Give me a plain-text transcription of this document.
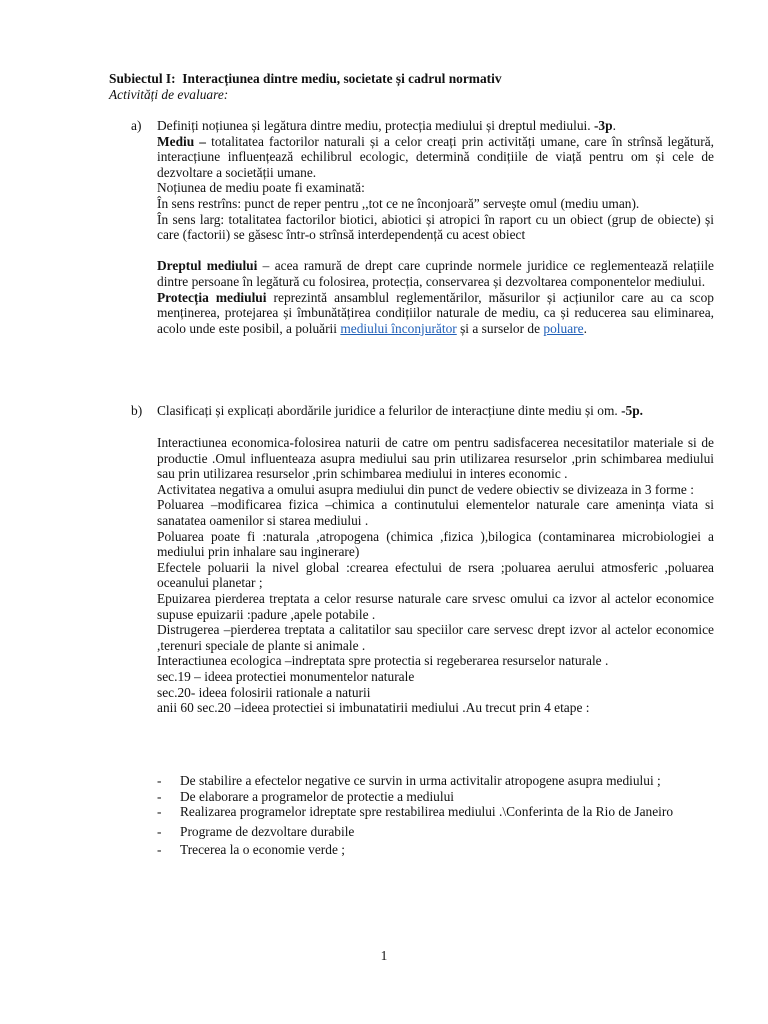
Subiectul I: Interacțiunea dintre mediu, societate și cadrul normativ
Activități de evaluare:
a) Definiți noțiunea și legătura dintre mediu, protecția mediului și dreptul mediului. -3p.

Mediu – totalitatea factorilor naturali și a celor creați prin activități umane, care în strînsă legătură, interacțiune influențează echilibrul ecologic, determină condițiile de viață pentru om și cele de dezvoltare a societății umane.

Noțiunea de mediu poate fi examinată:

În sens restrîns: punct de reper pentru ,,tot ce ne înconjoară” servește omul (mediu uman).

În sens larg: totalitatea factorilor biotici, abiotici și atropici în raport cu un obiect (grup de obiecte) și care (factorii) se găsesc într-o strînsă interdependență cu acest obiect

Dreptul mediului – acea ramură de drept care cuprinde normele juridice ce reglementează relațiile dintre persoane în legătură cu folosirea, protecția, conservarea și dezvoltarea componentelor mediului.

Protecția mediului reprezintă ansamblul reglementărilor, măsurilor și acțiunilor care au ca scop menținerea, protejarea și îmbunătățirea condițiilor naturale de mediu, ca și reducerea sau eliminarea, acolo unde este posibil, a poluării mediului înconjurător și a surselor de poluare.

b) Clasificați și explicați abordările juridice a felurilor de interacțiune dinte mediu și om. -5p.

Interactiunea economica-folosirea naturii de catre om pentru sadisfacerea necesitatilor materiale si de productie .Omul influenteaza asupra mediului sau prin utilizarea resurselor ,prin schimbarea mediului sau prin utilizarea resurselor ,prin schimbarea mediului in interes economic .

Activitatea negativa a omului asupra mediului din punct de vedere obiectiv se divizeaza in 3 forme :

Poluarea –modificarea fizica –chimica a continutului elementelor naturale care amenința viata si sanatatea oamenilor si starea mediului .

Poluarea poate fi :naturala ,atropogena (chimica ,fizica ),bilogica (contaminarea microbiologiei a mediului prin inhalare sau inginerare)

Efectele poluarii la nivel global :crearea efectului de rsera ;poluarea aerului atmosferic ,poluarea oceanului planetar ;

Epuizarea pierderea treptata a celor resurse naturale care srvesc omului ca izvor al actelor economice supuse epuizarii :padure ,apele potabile .

Distrugerea –pierderea treptata a calitatilor sau speciilor care servesc drept izvor al actelor economice ,terenuri speciale de plante si animale .

Interactiunea ecologica –indreptata spre protectia si regeberarea resurselor naturale .

sec.19 – ideea protectiei monumentelor naturale

sec.20- ideea folosirii rationale a naturii

anii 60 sec.20 –ideea protectiei si imbunatatirii mediului .Au trecut prin 4 etape :

- De stabilire a efectelor negative ce survin in urma activitalir atropogene asupra mediului ;
- De elaborare a programelor de protectie a mediului
- Realizarea programelor idreptate spre restabilirea mediului .\Conferinta de la Rio de Janeiro
- Programe de dezvoltare durabile
- Trecerea la o economie verde ;
1
